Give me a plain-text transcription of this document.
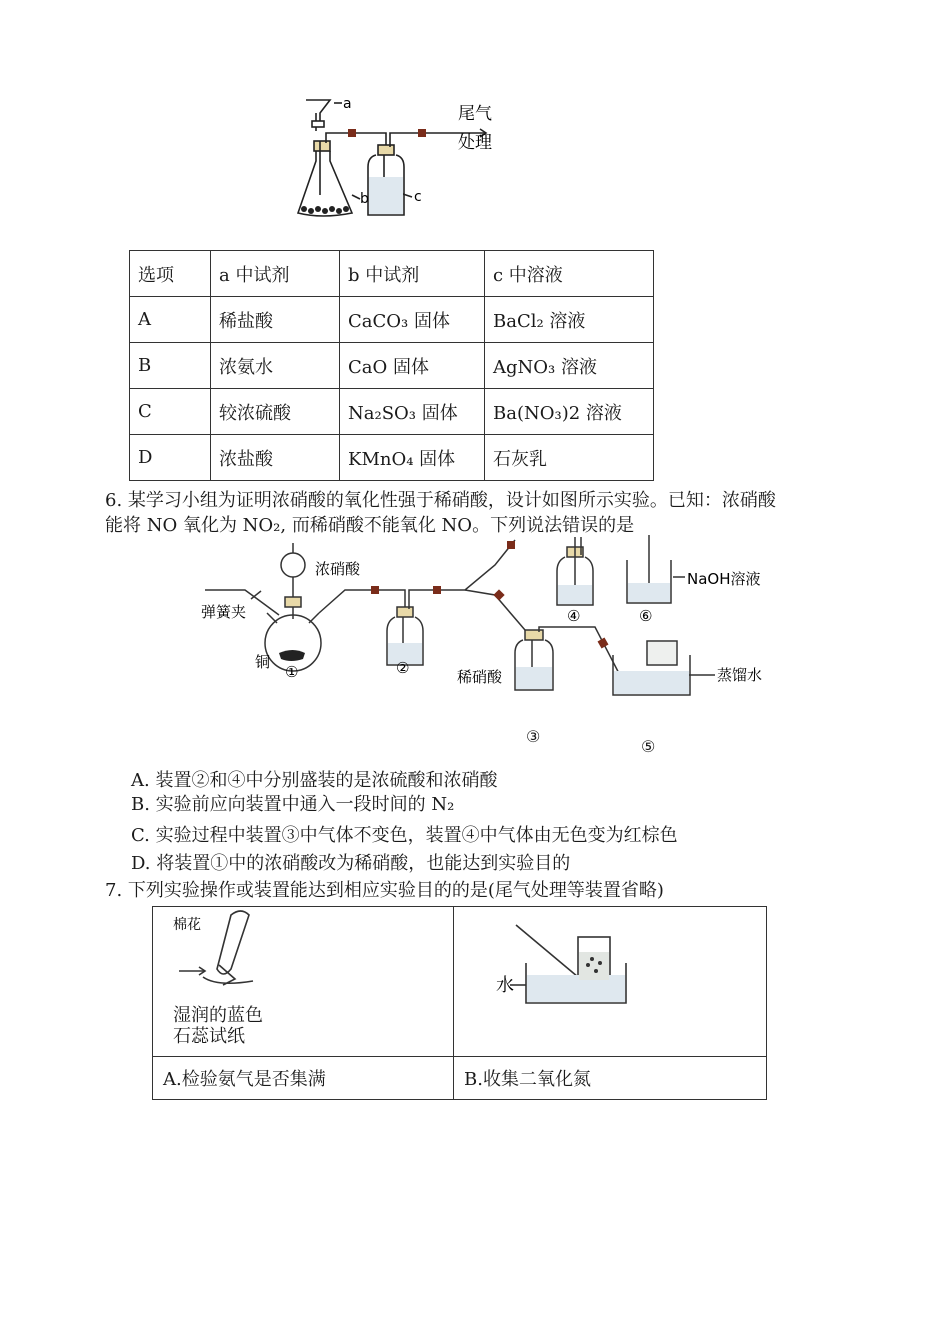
a
b	c
尾气
处理
选项	a 中试剂	b 中试剂	c 中溶液
A	稀盐酸	CaCO₃ 固体	BaCl₂ 溶液
B	浓氨水	CaO 固体	AgNO₃ 溶液
C	较浓硫酸	Na₂SO₃ 固体	Ba(NO₃)2 溶液
D	浓盐酸	KMnO₄ 固体	石灰乳
6. 某学习小组为证明浓硝酸的氧化性强于稀硝酸，设计如图所示实验。已知：浓硝酸
能将 NO 氧化为 NO₂, 而稀硝酸不能氧化 NO。下列说法错误的是
浓硝酸
弹簧夹
铜
①	②	稀硝酸
④	⑥
NaOH溶液
蒸馏水
③
⑤
A. 装置②和④中分别盛装的是浓硫酸和浓硝酸
B. 实验前应向装置中通入一段时间的 N₂
C. 实验过程中装置③中气体不变色，装置④中气体由无色变为红棕色
D. 将装置①中的浓硝酸改为稀硝酸，也能达到实验目的
7. 下列实验操作或装置能达到相应实验目的的是(尾气处理等装置省略)
棉花
湿润的蓝色
石蕊试纸	水

A.检验氨气是否集满	B.收集二氧化氮
